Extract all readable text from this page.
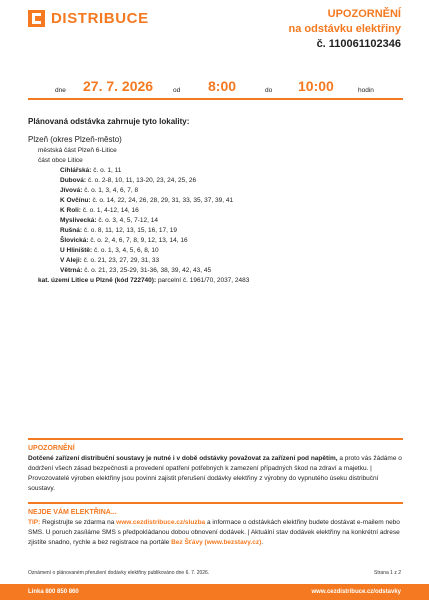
DISTRIBUCE	UPOZORNĚNÍ
na odstávku elektřiny
č. 110061102346
dne 27. 7. 2026	od 8:00	do 10:00	hodin
Plánovaná odstávka zahrnuje tyto lokality:
Plzeň (okres Plzeň-město)
městská část Plzeň 6-Litice
část obce Litice
Cihlářská: č. o. 1, 11
Dubová: č. o. 2-8, 10, 11, 13-20, 23, 24, 25, 26
Jívová: č. o. 1, 3, 4, 6, 7, 8
K Ovčínu: č. o. 14, 22, 24, 26, 28, 29, 31, 33, 35, 37, 39, 41
K Roli: č. o. 1, 4-12, 14, 16
Myslivecká: č. o. 3, 4, 5, 7-12, 14
Rušná: č. o. 8, 11, 12, 13, 15, 16, 17, 19
Šlovická: č. o. 2, 4, 6, 7, 8, 9, 12, 13, 14, 16
U Hliniště: č. o. 1, 3, 4, 5, 6, 8, 10
V Aleji: č. o. 21, 23, 27, 29, 31, 33
Větrná: č. o. 21, 23, 25-29, 31-36, 38, 39, 42, 43, 45
kat. území Litice u Plzně (kód 722740): parcelní č. 1961/70, 2037, 2483
UPOZORNĚNÍ
Dotčené zařízení distribuční soustavy je nutné i v době odstávky považovat za zařízení pod napětím, a proto vás žádáme o dodržení všech zásad bezpečnosti a provedení opatření potřebných k zamezení případných škod na zdraví a majetku. | Provozovatelé výroben elektřiny jsou povinni zajistit přerušení dodávky elektřiny z výrobny do vypnutého úseku distribuční soustavy.
NEJDE VÁM ELEKTŘINA...
TIP: Registrujte se zdarma na www.cezdistribuce.cz/sluzba a informace o odstávkách elektřiny budete dostávat e-mailem nebo SMS. U poruch zasíláme SMS s předpokládanou dobou obnovení dodávek. | Aktuální stav dodávek elektřiny na konkrétní adrese zjistíte snadno, rychle a bez registrace na portále Bez Šťávy (www.bezstavy.cz).
Oznámení o plánovaném přerušení dodávky elektřiny publikováno dne 6. 7. 2026.	Strana 1 z 2
Linka 800 850 860	www.cezdistribuce.cz/odstavky
